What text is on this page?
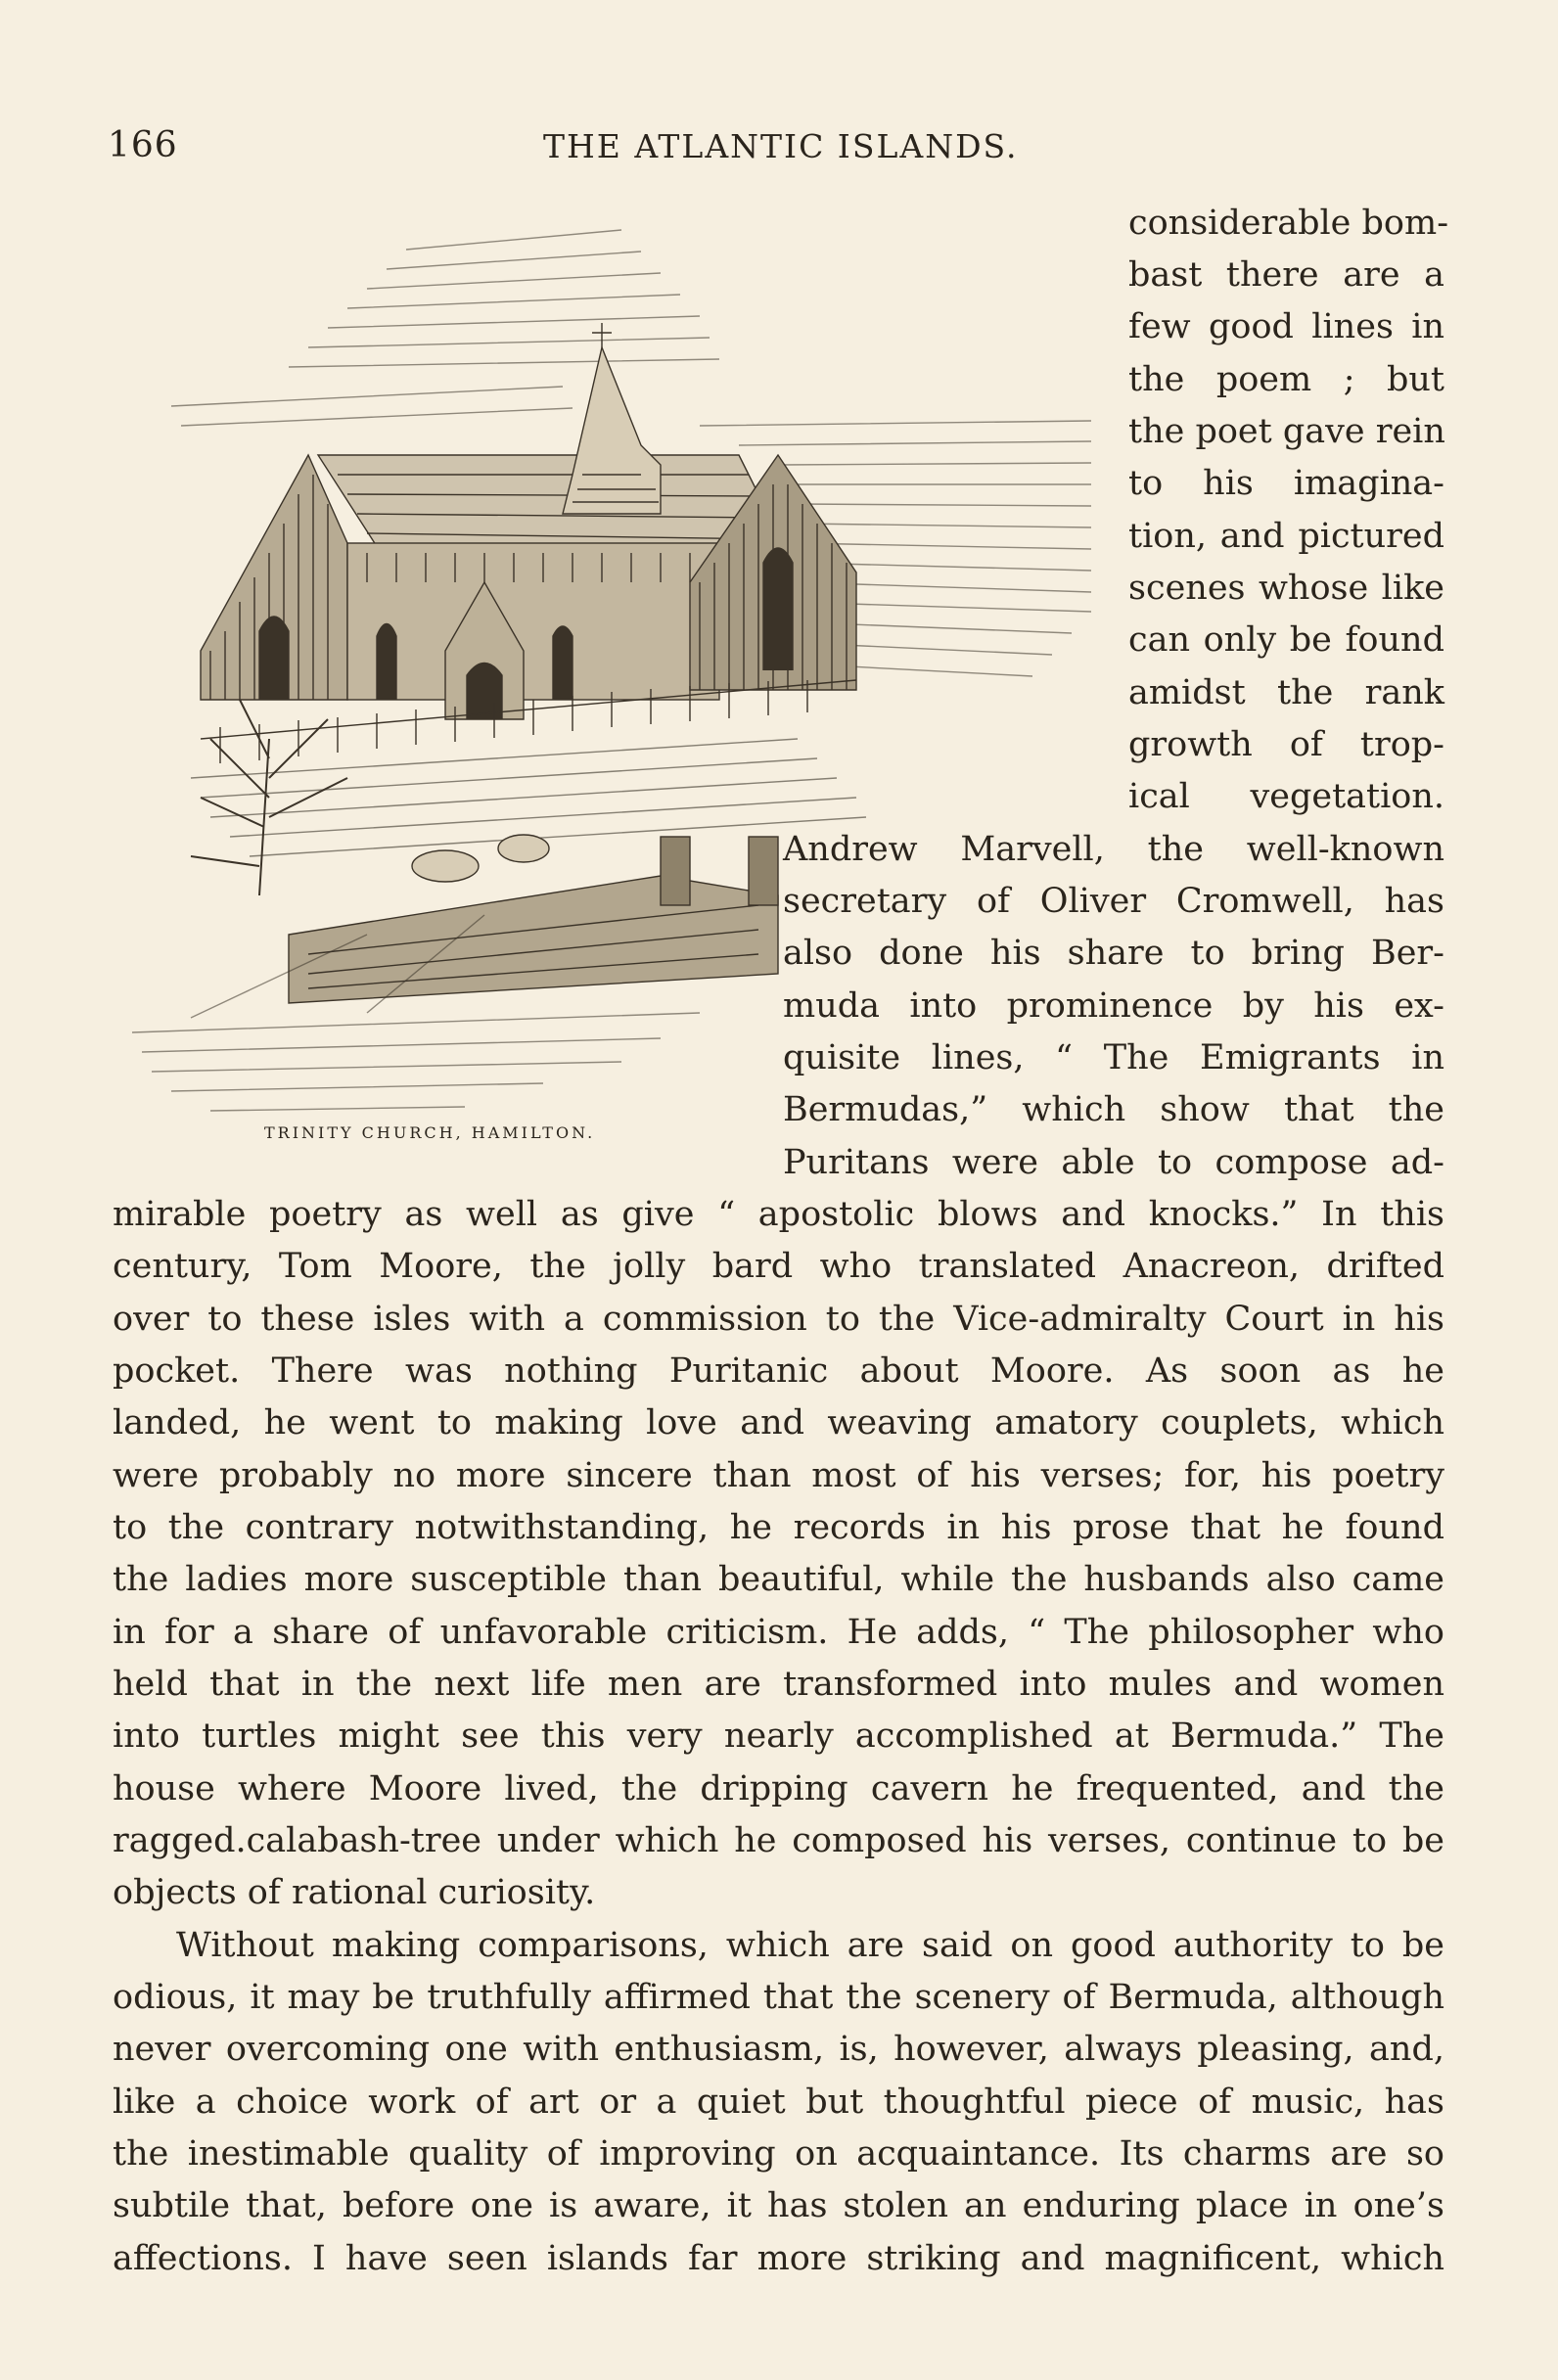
166	THE ATLANTIC ISLANDS.
TRINITY CHURCH, HAMILTON.
considerable bom-
bast there are a
few good lines in
the poem ; but
the poet gave rein
to his imagina-
tion, and pictured
scenes whose like
can only be found
amidst the rank
growth of trop-
ical vegetation.
Andrew Marvell, the well-known
secretary of Oliver Cromwell, has
also done his share to bring Ber-
muda into prominence by his ex-
quisite lines, “ The Emigrants in
Bermudas,” which show that the
Puritans were able to compose ad-
mirable poetry as well as give “ apostolic blows and knocks.” In this
century, Tom Moore, the jolly bard who translated Anacreon, drifted
over to these isles with a commission to the Vice-admiralty Court in his
pocket. There was nothing Puritanic about Moore. As soon as he
landed, he went to making love and weaving amatory couplets, which
were probably no more sincere than most of his verses; for, his poetry
to the contrary notwithstanding, he records in his prose that he found
the ladies more susceptible than beautiful, while the husbands also came
in for a share of unfavorable criticism. He adds, “ The philosopher who
held that in the next life men are transformed into mules and women
into turtles might see this very nearly accomplished at Bermuda.” The
house where Moore lived, the dripping cavern he frequented, and the
ragged.calabash-tree under which he composed his verses, continue to be
objects of rational curiosity.
Without making comparisons, which are said on good authority to be
odious, it may be truthfully affirmed that the scenery of Bermuda, although
never overcoming one with enthusiasm, is, however, always pleasing, and,
like a choice work of art or a quiet but thoughtful piece of music, has
the inestimable quality of improving on acquaintance. Its charms are so
subtile that, before one is aware, it has stolen an enduring place in one’s
affections. I have seen islands far more striking and magnificent, which
